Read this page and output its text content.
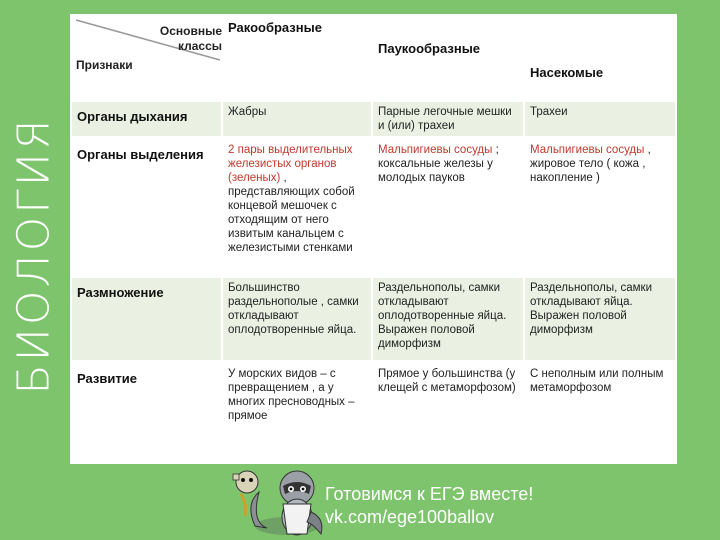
БИОЛОГИЯ
Основные
классы
Признаки	Ракообразные	Паукообразные	Насекомые
Органы дыхания	Жабры	Парные легочные мешки и (или) трахеи	Трахеи
Органы выделения	2 пары выделительных железистых органов (зеленых) , представляющих собой концевой мешочек с отходящим от него извитым канальцем с железистыми стенками	Мальпигиевы сосуды ; коксальные железы у молодых пауков	Мальпигиевы сосуды , жировое тело ( кожа , накопление )
Размножение	Большинство раздельнополые , самки откладывают оплодотворенные яйца.	Раздельнополы, самки откладывают оплодотворенные яйца. Выражен половой диморфизм	Раздельнополы, самки откладывают яйца. Выражен половой диморфизм
Развитие	У морских видов – с превращением , а у многих пресноводных – прямое	Прямое у большинства (у клещей с метаморфозом)	С неполным или полным метаморфозом
Готовимся к ЕГЭ вместе!
vk.com/ege100ballov
